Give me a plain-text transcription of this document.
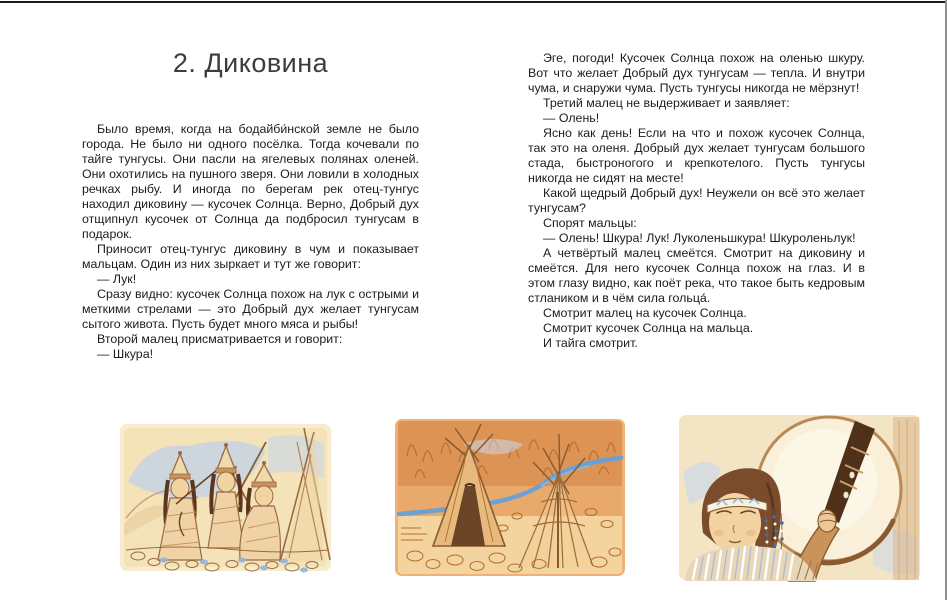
2. Диковина

Было время, когда на бодайби́нской земле не было города. Не было ни одного посёлка. Тогда кочевали по тайге тунгусы. Они пасли на ягелевых полянах оленей. Они охотились на пушного зверя. Они ловили в холодных речках рыбу. И иногда по берегам рек отец-тунгус находил диковину — кусочек Солнца. Верно, Добрый дух отщипнул кусочек от Солнца да подбросил тунгусам в подарок.

Приносит отец-тунгус диковину в чум и показывает мальцам. Один из них зыркает и тут же говорит:

— Лук!

Сразу видно: кусочек Солнца похож на лук с острыми и меткими стрелами — это Добрый дух желает тунгусам сытого живота. Пусть будет много мяса и рыбы!

Второй малец присматривается и говорит:

— Шкура!

Эге, погоди! Кусочек Солнца похож на оленью шкуру. Вот что желает Добрый дух тунгусам — тепла. И внутри чума, и снаружи чума. Пусть тунгусы никогда не мёрзнут!

Третий малец не выдерживает и заявляет:

— Олень!

Ясно как день! Если на что и похож кусочек Солнца, так это на оленя. Добрый дух желает тунгусам большого стада, быстроногого и крепкотелого. Пусть тунгусы никогда не сидят на месте!

Какой щедрый Добрый дух! Неужели он всё это желает тунгусам?

Спорят мальцы:

— Олень! Шкура! Лук! Луколеньшкура! Шкуроленьлук!

А четвёртый малец смеётся. Смотрит на диковину и смеётся. Для него кусочек Солнца похож на глаз. И в этом глазу видно, как поёт река, что такое быть кедровым стлаником и в чём сила гольца́.

Смотрит малец на кусочек Солнца.

Смотрит кусочек Солнца на мальца.

И тайга смотрит.
